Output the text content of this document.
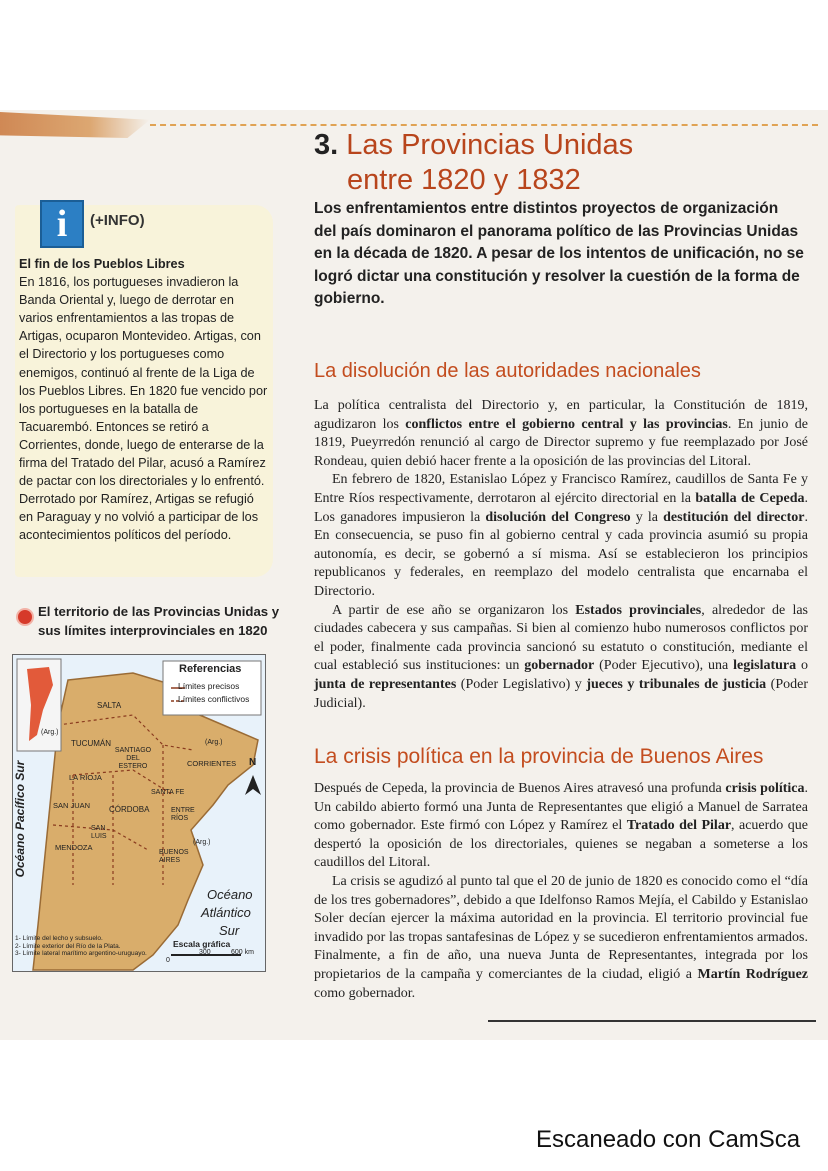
3. Las Provincias Unidas
entre 1820 y 1832
Los enfrentamientos entre distintos proyectos de organización del país dominaron el panorama político de las Provincias Unidas en la década de 1820. A pesar de los intentos de unificación, no se logró dictar una constitución y resolver la cuestión de la forma de gobierno.
i	(+INFO)
El fin de los Pueblos Libres
En 1816, los portugueses invadieron la Banda Oriental y, luego de derrotar en varios enfrentamientos a las tropas de Artigas, ocuparon Montevideo. Artigas, con el Directorio y los portugueses como enemigos, continuó al frente de la Liga de los Pueblos Libres. En 1820 fue vencido por los portugueses en la batalla de Tacuarembó. Entonces se retiró a Corrientes, donde, luego de enterarse de la firma del Tratado del Pilar, acusó a Ramírez de pactar con los directoriales y lo enfrentó. Derrotado por Ramírez, Artigas se refugió en Paraguay y no volvió a participar de los acontecimientos políticos del período.
El territorio de las Provincias Unidas y sus límites interprovinciales en 1820
Referencias
Límites precisos
Límites conflictivos
N
SALTA
TUCUMÁN
SANTIAGO DEL ESTERO
LA RIOJA
SAN JUAN CÓRDOBA
SANTA FE
ENTRE RÍOS
CORRIENTES
SAN LUIS
MENDOZA
BUENOS AIRES
(Arg.)
(Arg.)
(Arg.)
Océano
Atlántico
Sur
Escala gráfica
0
300	600 km
1- Límite del lecho y subsuelo.
2- Límite exterior del Río de la Plata.
3- Límite lateral marítimo argentino-uruguayo.
Océano Pacífico Sur
La disolución de las autoridades nacionales

La política centralista del Directorio y, en particular, la Constitución de 1819, agudizaron los conflictos entre el gobierno central y las provincias. En junio de 1819, Pueyrredón renunció al cargo de Director supremo y fue reemplazado por José Rondeau, quien debió hacer frente a la oposición de las provincias del Litoral.

En febrero de 1820, Estanislao López y Francisco Ramírez, caudillos de Santa Fe y Entre Ríos respectivamente, derrotaron al ejército directorial en la batalla de Cepeda. Los ganadores impusieron la disolución del Congreso y la destitución del director. En consecuencia, se puso fin al gobierno central y cada provincia asumió su propia autonomía, es decir, se gobernó a sí misma. Así se establecieron los principios republicanos y federales, en reemplazo del modelo centralista que encarnaba el Directorio.

A partir de ese año se organizaron los Estados provinciales, alrededor de las ciudades cabecera y sus campañas. Si bien al comienzo hubo numerosos conflictos por el poder, finalmente cada provincia sancionó su estatuto o constitución, mediante el cual estableció sus instituciones: un gobernador (Poder Ejecutivo), una legislatura o junta de representantes (Poder Legislativo) y jueces y tribunales de justicia (Poder Judicial).

La crisis política en la provincia de Buenos Aires

Después de Cepeda, la provincia de Buenos Aires atravesó una profunda crisis política. Un cabildo abierto formó una Junta de Representantes que eligió a Manuel de Sarratea como gobernador. Este firmó con López y Ramírez el Tratado del Pilar, acuerdo que despertó la oposición de los directoriales, quienes se negaban a someterse a los caudillos del Litoral.

La crisis se agudizó al punto tal que el 20 de junio de 1820 es conocido como el “día de los tres gobernadores”, debido a que Idelfonso Ramos Mejía, el Cabildo y Estanislao Soler decían ejercer la máxima autoridad en la provincia. El territorio provincial fue invadido por las tropas santafesinas de López y se sucedieron enfrentamientos armados. Finalmente, a fin de año, una nueva Junta de Representantes, integrada por los propietarios de la campaña y comerciantes de la ciudad, eligió a Martín Rodríguez como gobernador.

Escaneado con CamSca
